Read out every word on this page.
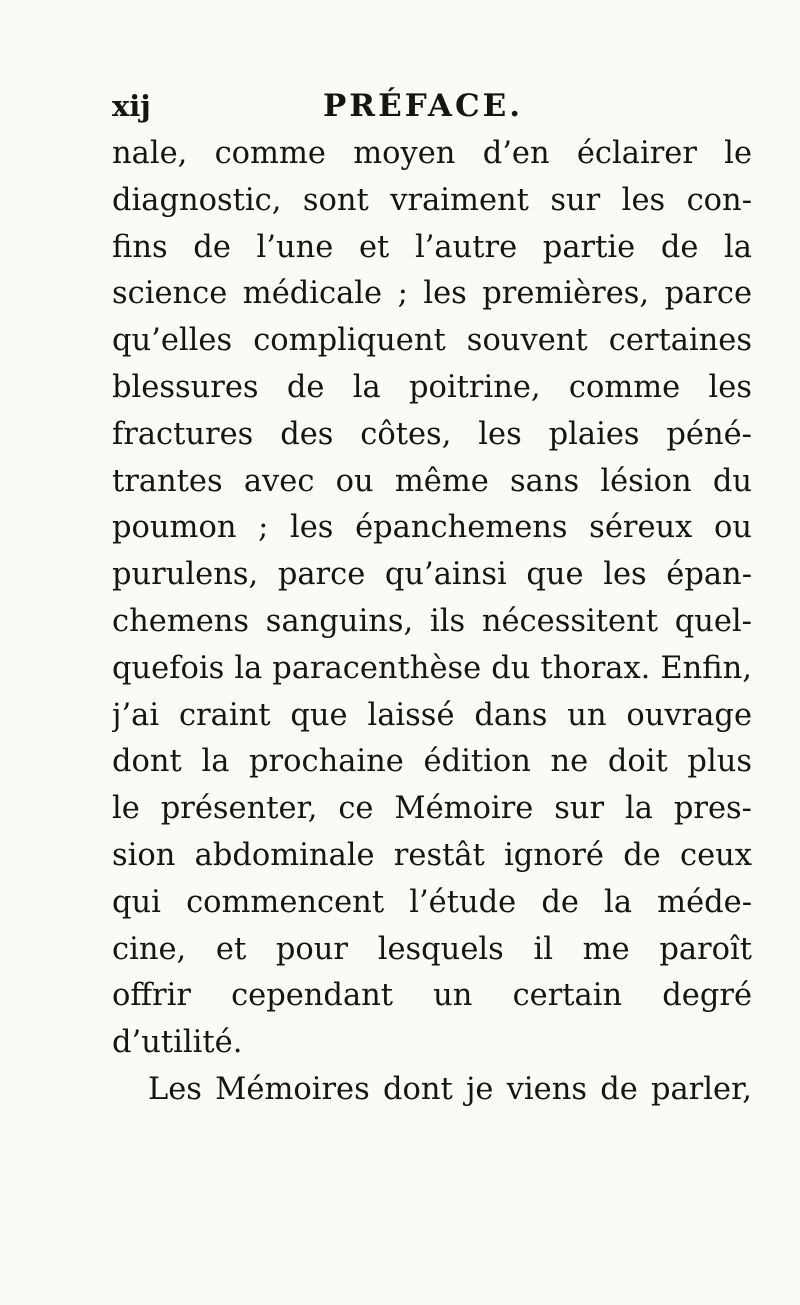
xij	PRÉFACE.
nale, comme moyen d’en éclairer le
diagnostic, sont vraiment sur les con-
fins de l’une et l’autre partie de la
science médicale ; les premières, parce
qu’elles compliquent souvent certaines
blessures de la poitrine, comme les
fractures des côtes, les plaies péné-
trantes avec ou même sans lésion du
poumon ; les épanchemens séreux ou
purulens, parce qu’ainsi que les épan-
chemens sanguins, ils nécessitent quel-
quefois la paracenthèse du thorax. Enfin,
j’ai craint que laissé dans un ouvrage
dont la prochaine édition ne doit plus
le présenter, ce Mémoire sur la pres-
sion abdominale restât ignoré de ceux
qui commencent l’étude de la méde-
cine, et pour lesquels il me paroît
offrir cependant un certain degré
d’utilité.
Les Mémoires dont je viens de parler,
